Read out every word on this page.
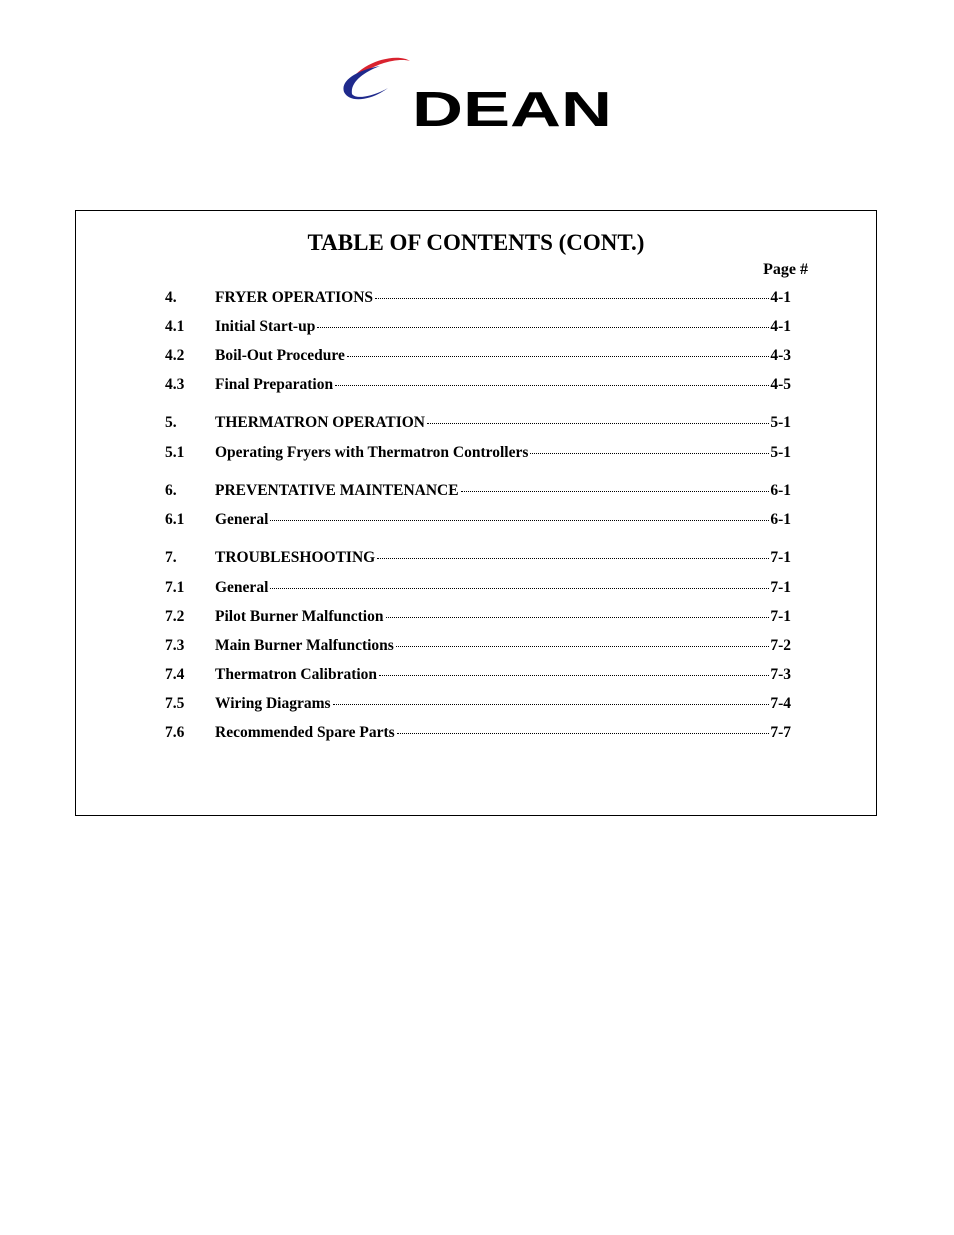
DEAN
TABLE OF CONTENTS (CONT.)
Page #
4.	FRYER OPERATIONS	4-1
4.1	Initial Start-up	4-1
4.2	Boil-Out Procedure	4-3
4.3	Final Preparation	4-5
5.	THERMATRON OPERATION	5-1
5.1	Operating Fryers with Thermatron Controllers	5-1
6.	PREVENTATIVE MAINTENANCE	6-1
6.1	General	6-1
7.	TROUBLESHOOTING	7-1
7.1	General	7-1
7.2	Pilot Burner Malfunction	7-1
7.3	Main Burner Malfunctions	7-2
7.4	Thermatron Calibration	7-3
7.5	Wiring Diagrams	7-4
7.6	Recommended Spare Parts	7-7
